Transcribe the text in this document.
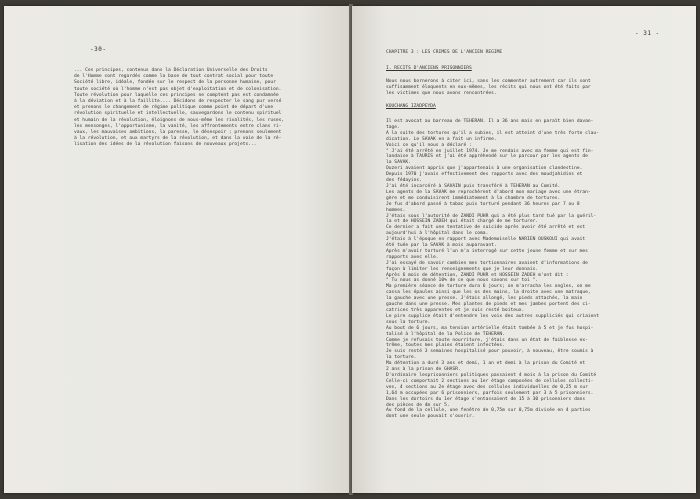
-30-

... Ces principes, contenus dans la Déclaration Universelle des Droits
de l'Homme sont regardés comme la base de tout contrat social pour toute
Société libre, idéale, fondée sur le respect de la personne humaine, pour
toute société où l'homme n'est pas objet d'exploitation et de colonisation.
Toute révolution pour laquelle ces principes ne comptent pas est condamnée
à la déviation et à la faillite.... Décidons de respecter le sang pur versé
et prenons le changement de régime politique comme point de départ d'une
révolution spirituelle et intellectuelle, sauvegardons le contenu spirituel
et humain de la révolution, éloignons de nous-même les rivalités, les ruses,
les mensonges, l'opportunisme, la vanité, les affrontements entre clans ri-
vaux, les mauvaises ambitions, la paresse, le désespoir ; prenons seulement
à la révolution, et aux martyrs de la révolution, et dans la voie de la ré-
lisation des idées de la révolution faisons de nouveaux projets...

- 31 -
CHAPITRE 3 : LES CRIMES DE L'ANCIEN REGIME
I. RECITS D'ANCIENS PRISONNIERS

Nous nous bornerons à citer ici, sans les commenter autrement car ils sont
suffisamment éloquents en eux-mêmes, les récits qui nous ont été faits par
les victimes que nous avons rencontrées.

KOUCHANG IZADPEYDA

Il est avocat au barreau de TEHERAN. Il a 36 ans mais en paraît bien davan-
tage.
A la suite des tortures qu'il a subies, il est atteint d'une très forte clau-
dication. Le SAVAK en a fait un infirme.
Voici ce qu'il nous a déclaré :
" J'ai été arrêté en juillet 1974. Je me rendais avec ma femme qui est fin-
landaise à TAURIS et j'ai été appréhendé sur le parcour par les agents de
la SAVAK.
Ouzeri avaient appris que j'appartenais à une organisation clandestine.
Depuis 1970 j'avais effectivement des rapports avec des moudjahidins et
des fédayins.
J'ai été incarcéré à SAVAIN puis transféré à TEHERAN au Comité.
Les agents de la SAVAK me reprochèrent d'abord mon mariage avec une étran-
gère et me conduisirent immédiatement à la chambre de tortures.
Je fus d'abord passé à tabac puis torturé pendant 36 heures par 7 ou 8
hommes.
J'étais sous l'autorité de ZANDI PUHR qui a été plus tard tué par la guéril-
la et de HOSSEIN ZADEH qui était chargé de me torturer.
Ce dernier a fait une tentative de suicide après avoir été arrêté et est
aujourd'hui à l'hôpital dans le coma.
J'étais à l'époque en rapport avec Mademoiselle NARIEN OUSKOUI qui avait
été tuée par la SAVAK à mois auparavant.
Après m'avoir torturé l'un m'a interrogé sur cette jeune femme et sur mes
rapports avec elle.
J'ai essayé de savoir combien mes tortionnaires avaient d'informations de
façon à limiter les renseignements que je leur donnais.
Après 6 mois de détention, ZANDI PUHR et HOSSEIN ZADEH m'ont dit :
" Tu nous as donné 10% de ce que nous savons sur toi ".
Ma première séance de torture dura 6 jours; on m'arracha les ongles, on me
cassa les épaules ainsi que les os des mains, la droite avec une matraque,
la gauche avec une presse. J'étais allongé, les pieds attachés, la main
gauche dans une presse. Mes plantes de pieds et mes jambes portent des ci-
catrices très apparentes et je suis resté boiteux.
Le pire supplice était d'entendre les voix des autres suppliciés qui criaient
sous la torture.
Au bout de 6 jours, ma tension artérielle était tombée à 5 et je fus hospi-
talisé à l'hôpital de la Police de TEHERAN.
Comme je refusais toute nourriture, j'étais dans un état de faiblesse ex-
trême, toutes mes plaies étaient infectées.
Je suis resté 3 semaines hospitalisé pour pouvoir, à nouveau, être soumis à
la torture.
Ma détention a duré 3 ans et demi, 1 an et demi à la prison du Comité et
2 ans à la prison de GHASR.
D'ordinaire lesprisonniers politiques passaient 4 mois à la prison du Comité
Celle-ci comportait 2 sections au 1er étage composées de cellules collecti-
ves, 4 sections au 2e étage avec des cellules individuelles de 0,25 m sur
1,64 m occupées par 6 prisonniers, parfois seulement par 3 à 5 prisonniers.
Dans les dortoirs du 1er étage s'entassaient de 15 à 30 prisonniers dans
des pièces de 4m sur 5.
Au fond de la cellule, une fenêtre de 0,75m sur 0,75m divisée en 4 parties
dont une seule pouvait s'ouvrir.
